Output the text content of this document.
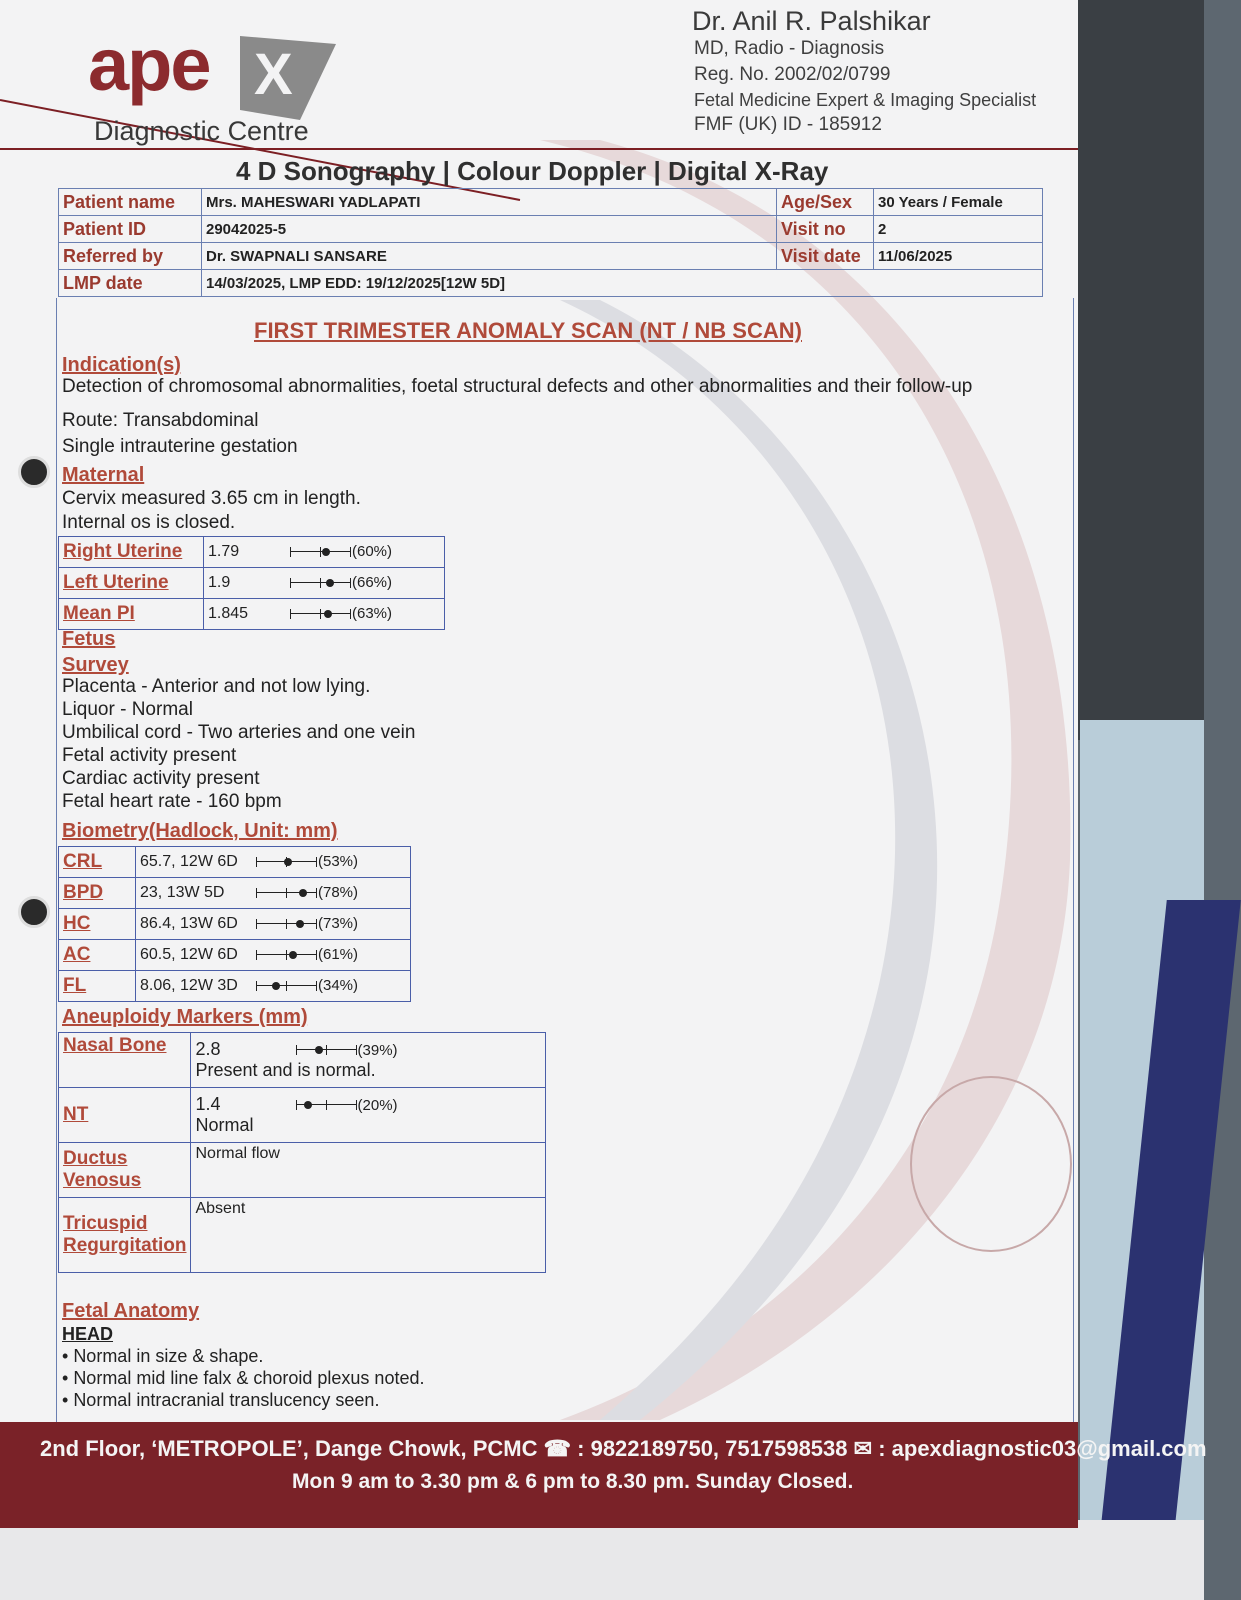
ape X
Diagnostic Centre
Dr. Anil R. Palshikar
MD, Radio - Diagnosis
Reg. No. 2002/02/0799
Fetal Medicine Expert & Imaging Specialist
FMF (UK) ID - 185912
4 D Sonography | Colour Doppler | Digital X-Ray
Patient name	Mrs. MAHESWARI YADLAPATI	Age/Sex	30 Years / Female
Patient ID	29042025-5	Visit no	2
Referred by	Dr. SWAPNALI SANSARE	Visit date	11/06/2025
LMP date	14/03/2025, LMP EDD: 19/12/2025[12W 5D]		
FIRST TRIMESTER ANOMALY SCAN (NT / NB SCAN)
Indication(s)
Detection of chromosomal abnormalities, foetal structural defects and other abnormalities and their follow-up
Route: Transabdominal
Single intrauterine gestation
Maternal
Cervix measured 3.65 cm in length.
Internal os is closed.
Right Uterine	1.79 (60%)
Left Uterine	1.9 (66%)
Mean PI	1.845 (63%)
Fetus
Survey
Placenta - Anterior and not low lying.
Liquor - Normal
Umbilical cord - Two arteries and one vein
Fetal activity present
Cardiac activity present
Fetal heart rate - 160 bpm
Biometry(Hadlock, Unit: mm)
CRL	65.7, 12W 6D (53%)
BPD	23, 13W 5D (78%)
HC	86.4, 13W 6D (73%)
AC	60.5, 12W 6D (61%)
FL	8.06, 12W 3D (34%)
Aneuploidy Markers (mm)
Nasal Bone	2.8 (39%)
Present and is normal.
NT	1.4 (20%)
Normal
Ductus Venosus	Normal flow
Tricuspid Regurgitation	Absent
Fetal Anatomy
HEAD
• Normal in size & shape.
• Normal mid line falx & choroid plexus noted.
• Normal intracranial translucency seen.
2nd Floor, ‘METROPOLE’, Dange Chowk, PCMC ☎ : 9822189750, 7517598538 ✉ : apexdiagnostic03@gmail.com
Mon 9 am to 3.30 pm & 6 pm to 8.30 pm. Sunday Closed.
